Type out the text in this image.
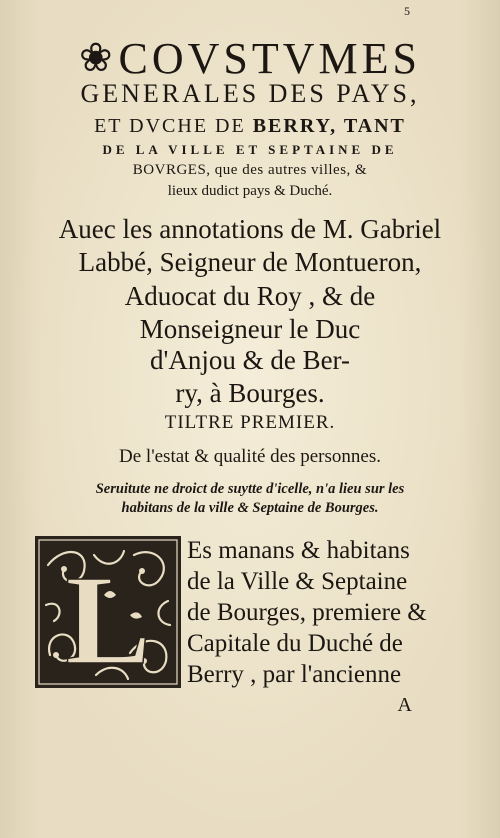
5
❀COVSTVMES
GENERALES DES PAYS,
ET DVCHE DE BERRY, TANT
DE LA VILLE ET SEPTAINE DE
BOVRGES, que des autres villes, &
lieux dudict pays & Duché.
Auec les annotations de M. Gabriel
Labbé, Seigneur de Montueron,
Aduocat du Roy , & de
Monseigneur le Duc
d'Anjou & de Ber-
ry, à Bourges.
TILTRE PREMIER.
De l'estat & qualité des personnes.
Seruitute ne droict de suytte d'icelle, n'a lieu sur les
habitans de la ville & Septaine de Bourges.
L Es manans & habitans
de la Ville & Septaine
de Bourges, premiere &
Capitale du Duché de
Berry , par l'ancienne
A
